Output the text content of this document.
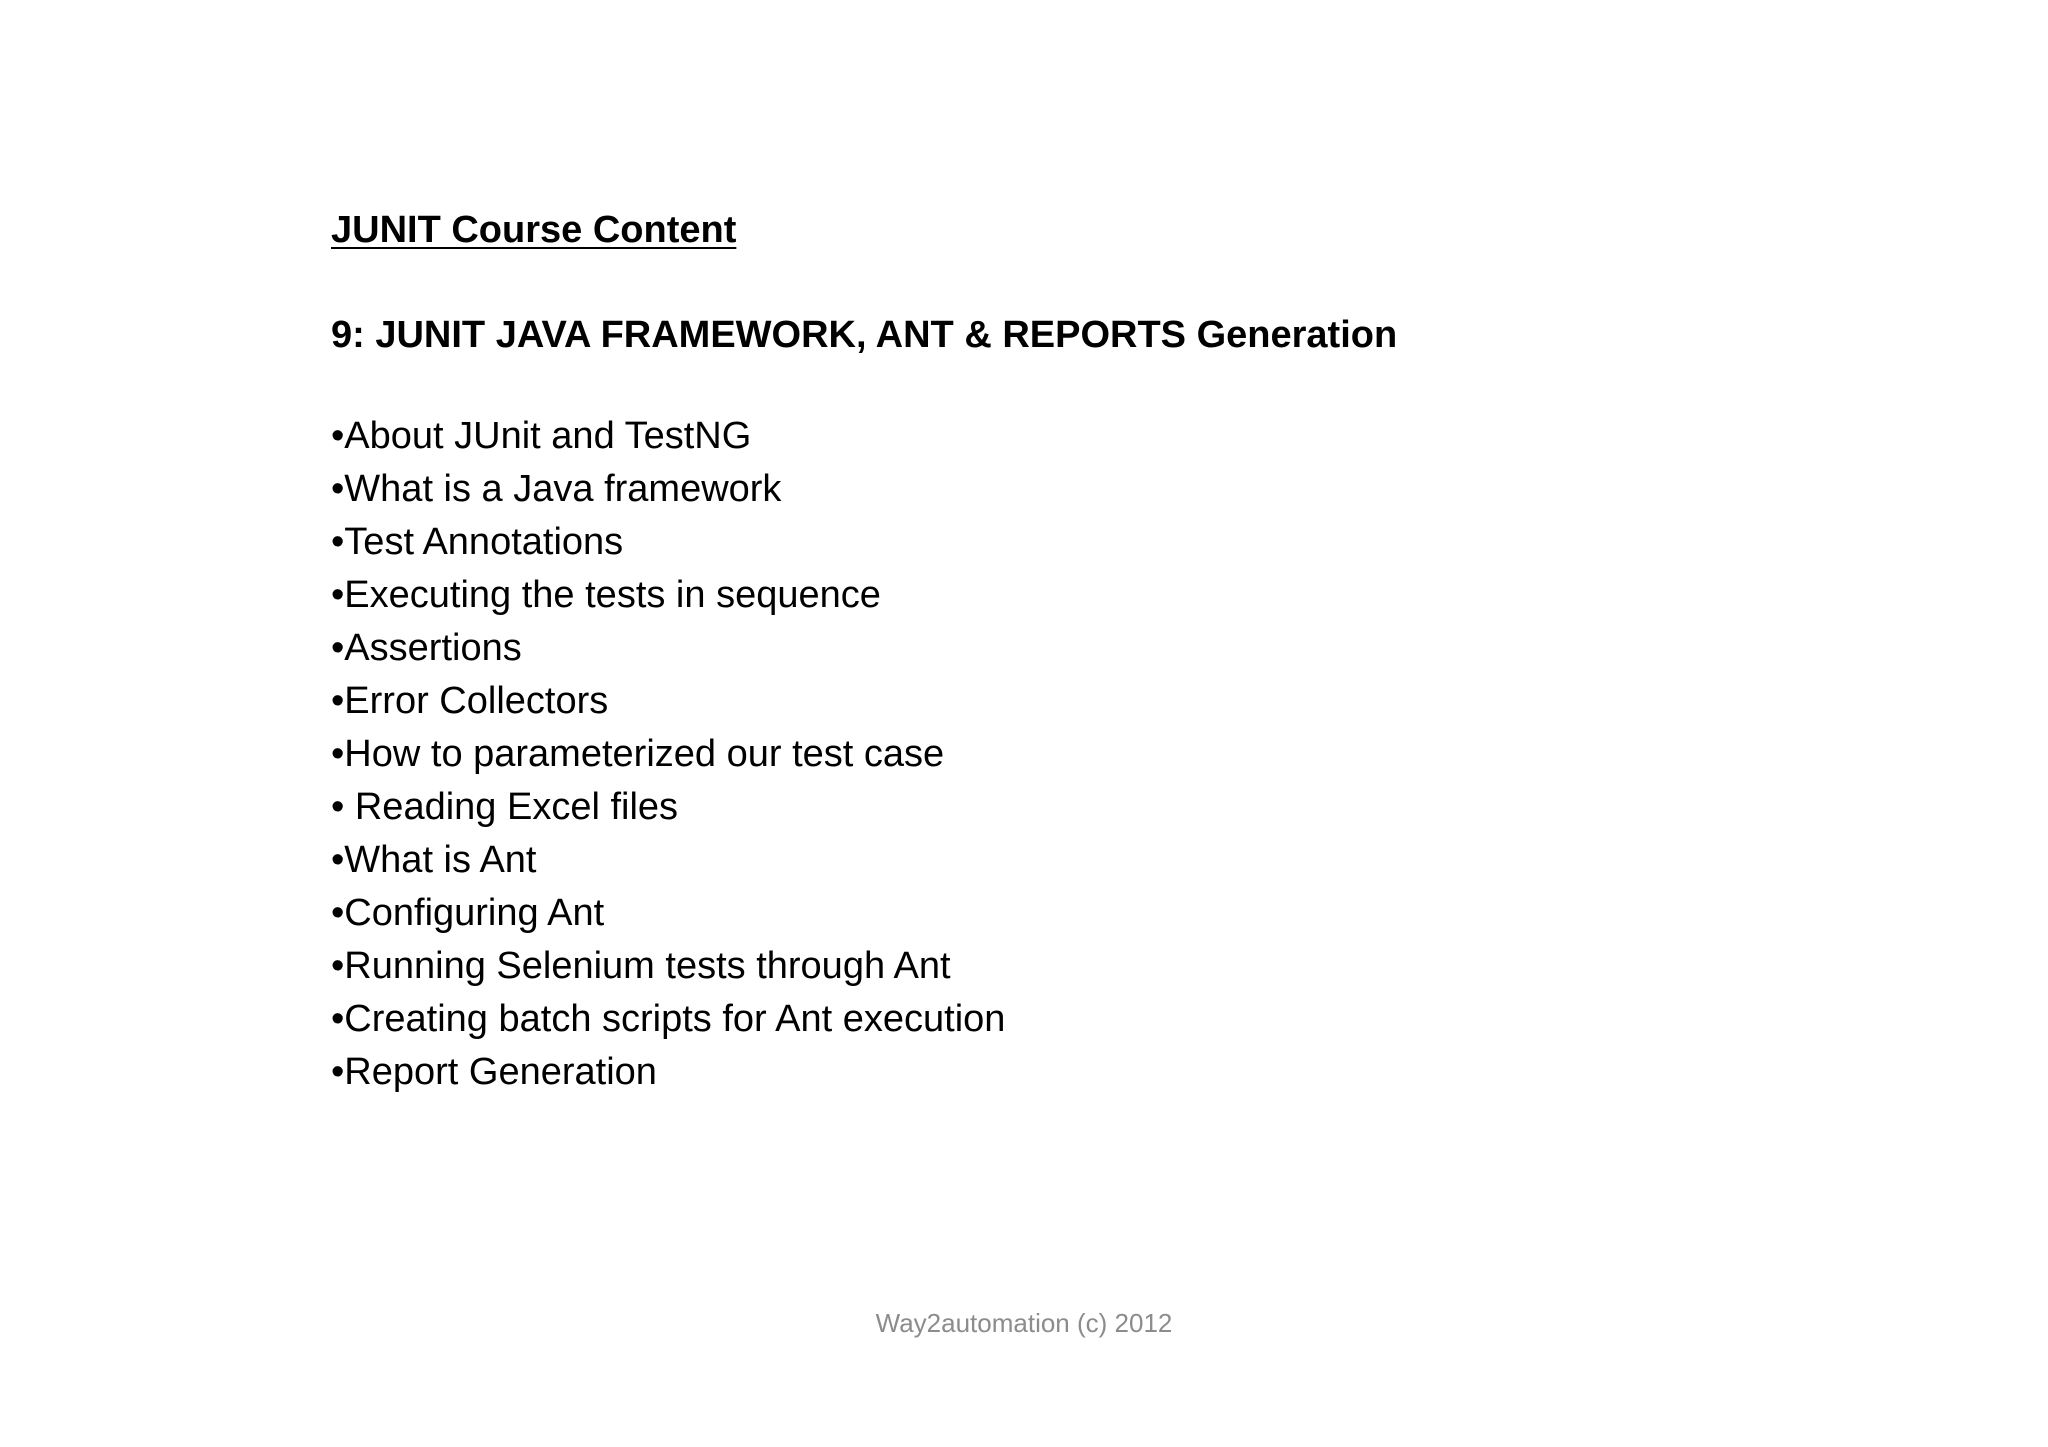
JUNIT Course Content
9: JUNIT JAVA FRAMEWORK, ANT & REPORTS Generation
•About JUnit and TestNG
•What is a Java framework
•Test Annotations
•Executing the tests in sequence
•Assertions
•Error Collectors
•How to parameterized our test case
• Reading Excel files
•What is Ant
•Configuring Ant
•Running Selenium tests through Ant
•Creating batch scripts for Ant execution
•Report Generation
Way2automation (c) 2012
